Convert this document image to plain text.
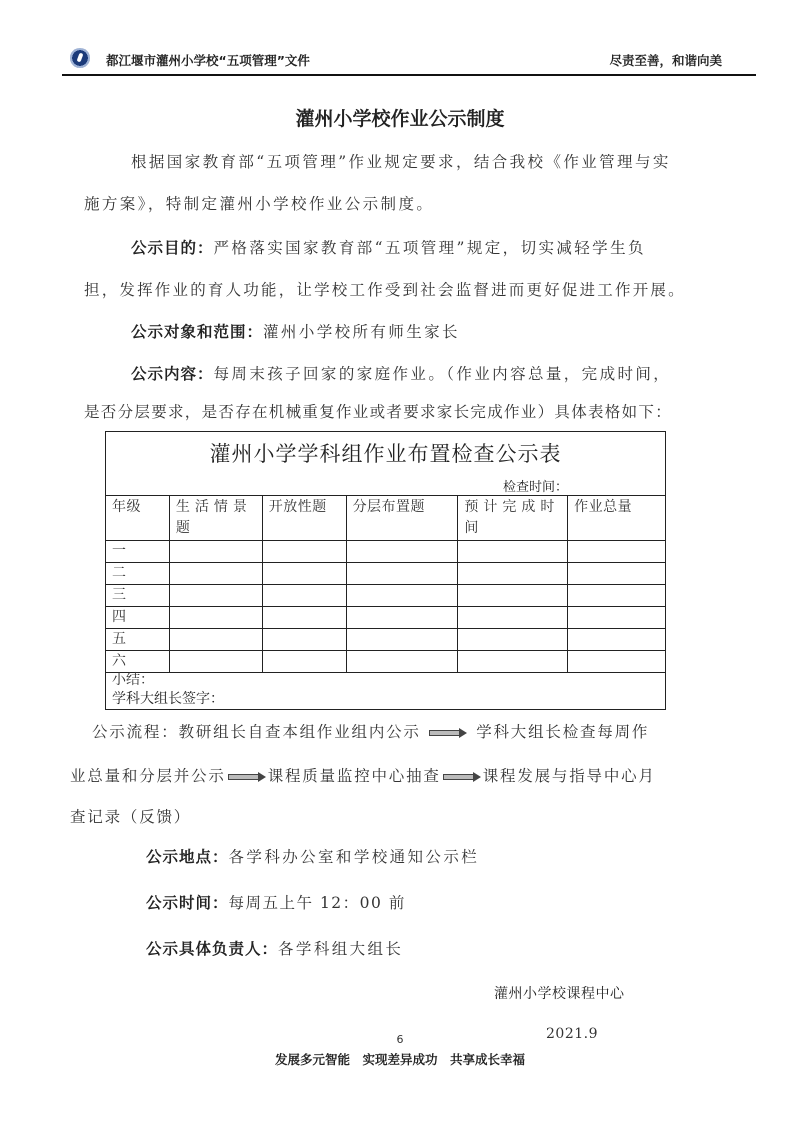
都江堰市灌州小学校“五项管理”文件	尽责至善，和谐向美
灌州小学校作业公示制度
根据国家教育部“五项管理”作业规定要求，结合我校《作业管理与实
施方案》，特制定灌州小学校作业公示制度。
公示目的：严格落实国家教育部“五项管理”规定，切实减轻学生负
担，发挥作业的育人功能，让学校工作受到社会监督进而更好促进工作开展。
公示对象和范围：灌州小学校所有师生家长
公示内容：每周末孩子回家的家庭作业。（作业内容总量，完成时间，
是否分层要求，是否存在机械重复作业或者要求家长完成作业）具体表格如下：
灌州小学学科组作业布置检查公示表
检查时间：
年级	生活情景题	开放性题	分层布置题	预计完成时间	作业总量
一					
二					
三					
四					
五					
六					
小结：
学科大组长签字：
公示流程：教研组长自查本组作业组内公示	学科大组长检查每周作
业总量和分层并公示	课程质量监控中心抽查	课程发展与指导中心月
查记录（反馈）
公示地点：各学科办公室和学校通知公示栏
公示时间：每周五上午 12：00 前
公示具体负责人：各学科组大组长
灌州小学校课程中心
2021.9
6
发展多元智能　实现差异成功　共享成长幸福
